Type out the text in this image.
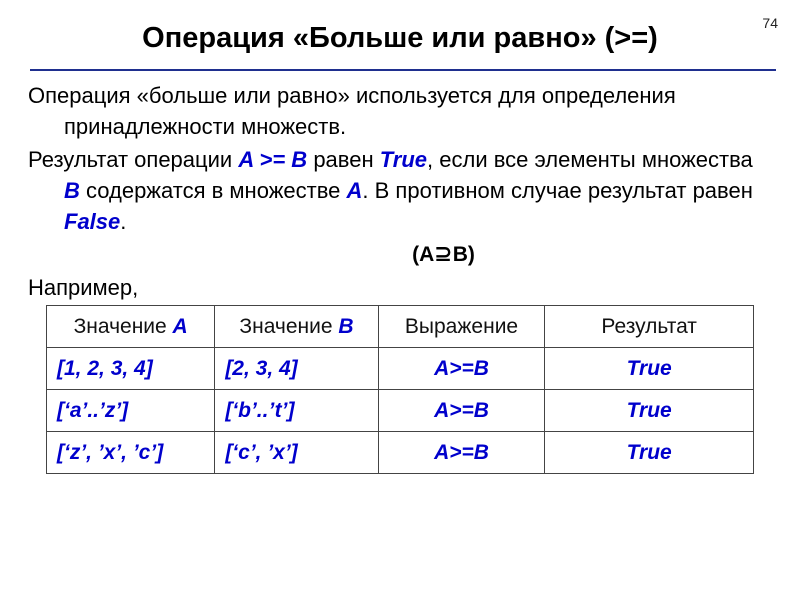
74
Операция «Больше или равно» (>=)

Операция «больше или равно» используется для определения принадлежности множеств.

Результат операции A >= B равен True, если все элементы множества B содержатся в множестве A. В противном случае результат равен False.

(A⊇B)

Например,

Значение A	Значение B	Выражение	Результат
[1, 2, 3, 4]	[2, 3, 4]	A>=B	True
[‘a’..’z’]	[‘b’..’t’]	A>=B	True
[‘z’, ’x’, ’c’]	[‘c’, ’x’]	A>=B	True
